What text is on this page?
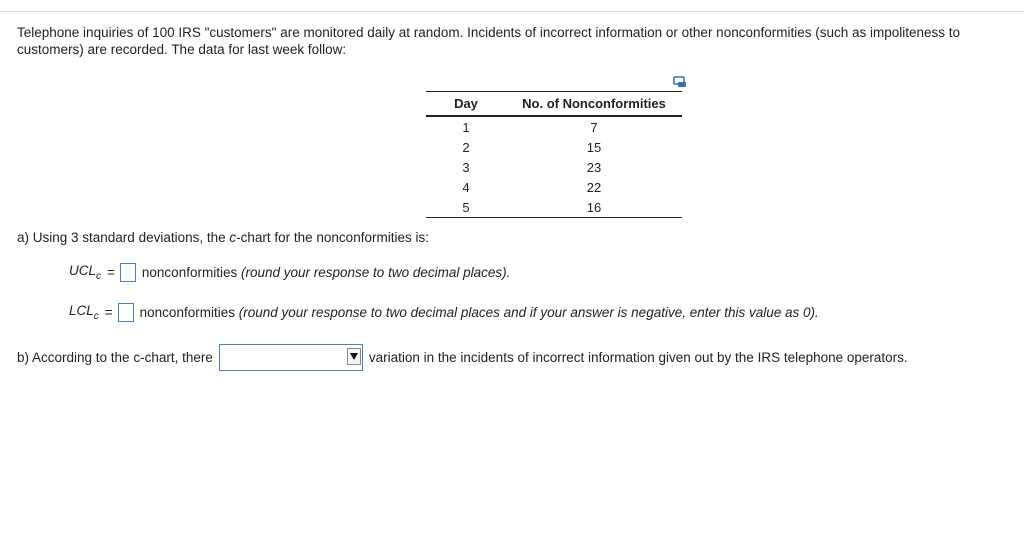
Telephone inquiries of 100 IRS "customers" are monitored daily at random. Incidents of incorrect information or other nonconformities (such as impoliteness to customers) are recorded. The data for last week follow:

Day	No. of Nonconformities
1	7
2	15
3	23
4	22
5	16

a) Using 3 standard deviations, the c-chart for the nonconformities is:

$UCL_c$ = nonconformities
(round your response to two decimal places).
$LCL_c$ = nonconformities
(round your response to two decimal places and if your answer is negative, enter this value as 0).
b) According to the c-chart, there	variation in the incidents of incorrect information given out by the IRS telephone operators.
